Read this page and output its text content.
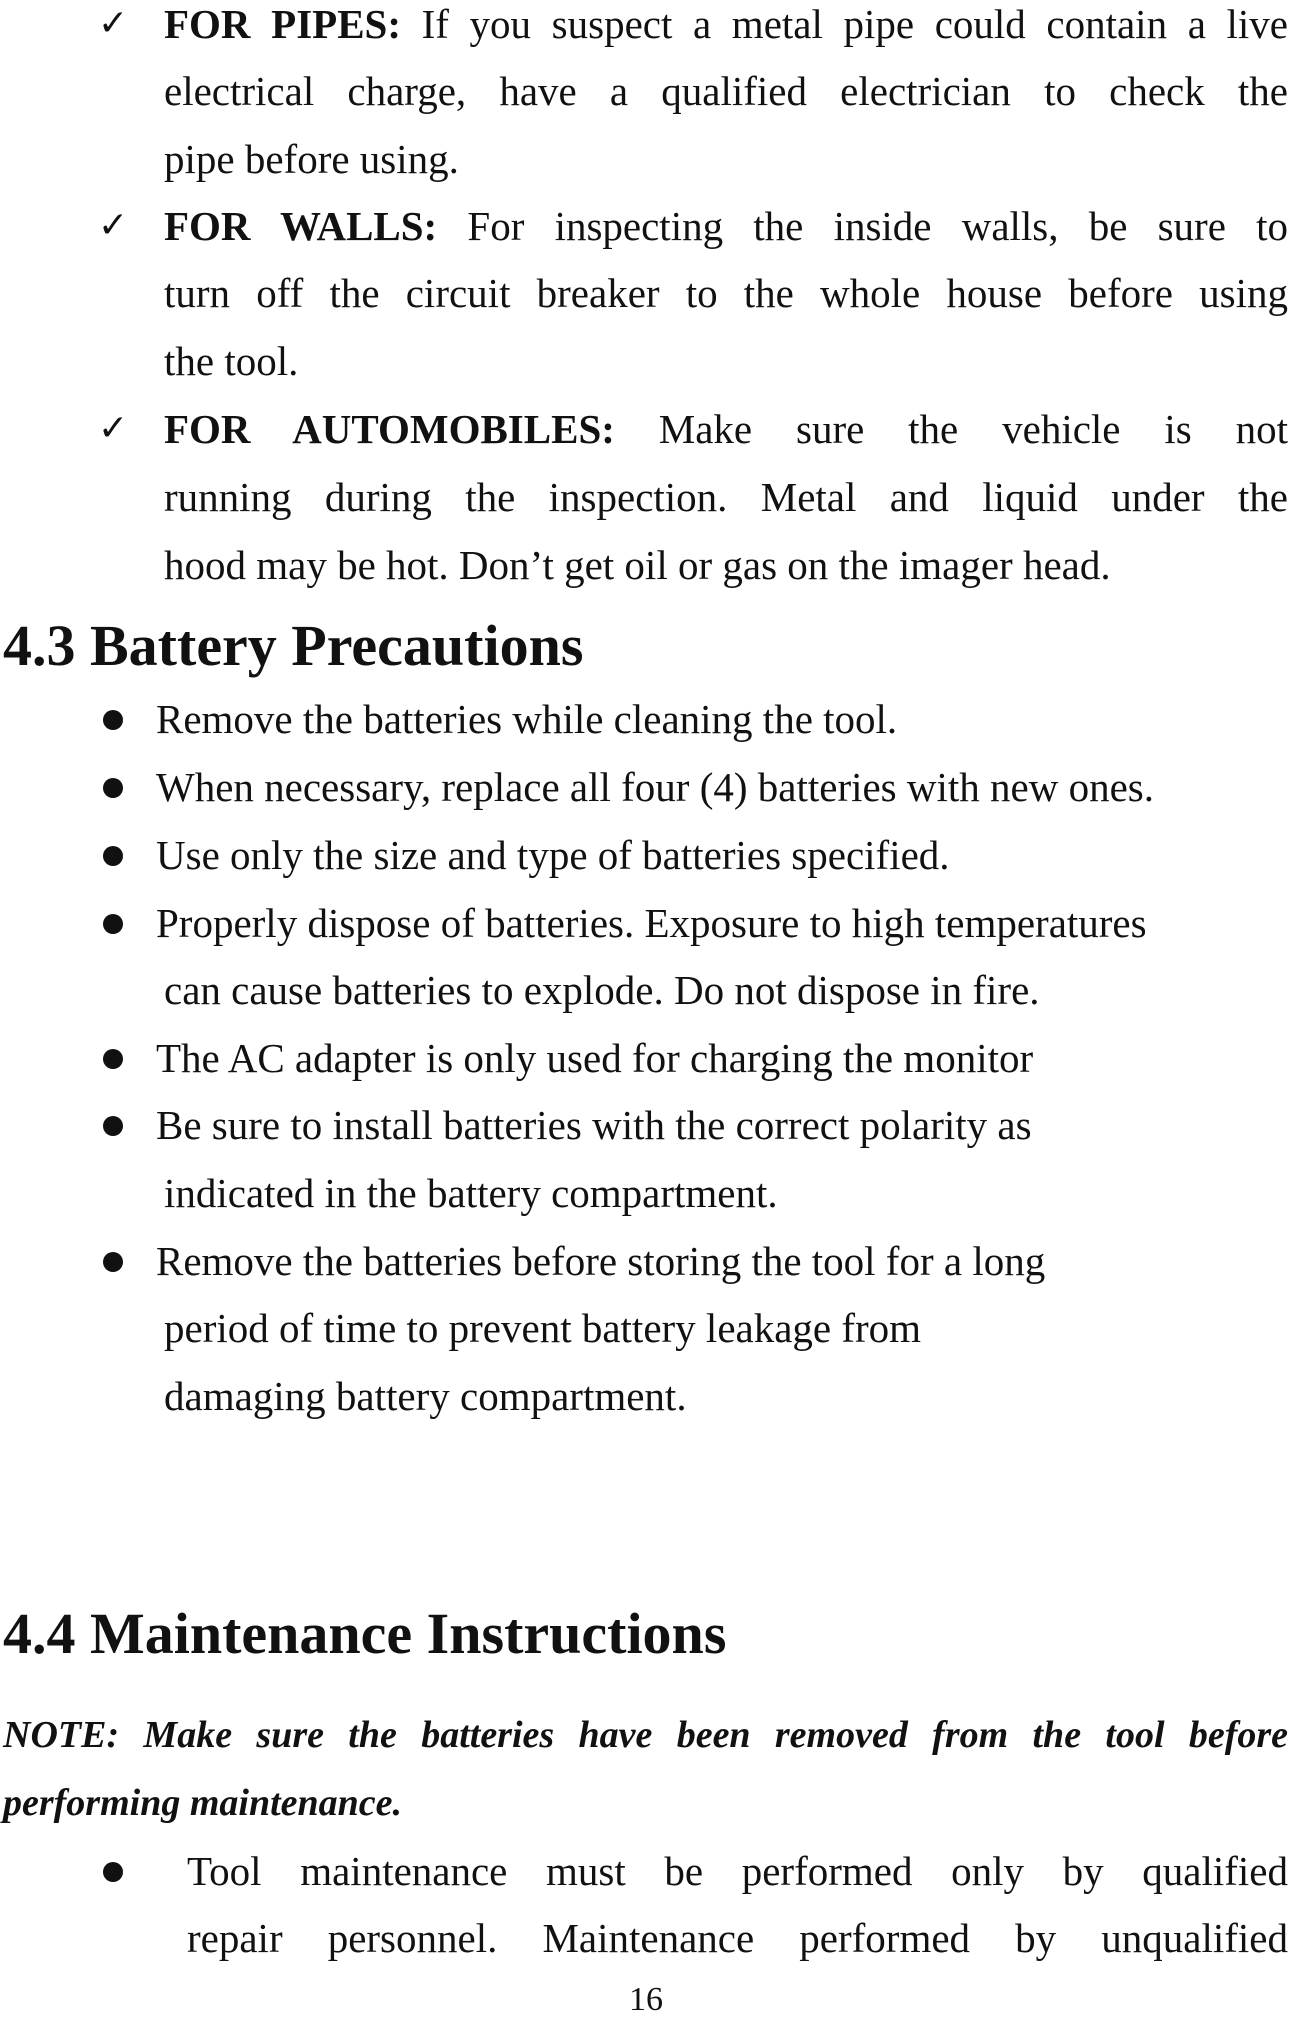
✓ FOR PIPES: If you suspect a metal pipe could contain a live
electrical charge, have a qualified electrician to check the
pipe before using.
✓ FOR WALLS: For inspecting the inside walls, be sure to
turn off the circuit breaker to the whole house before using
the tool.
✓ FOR AUTOMOBILES: Make sure the vehicle is not
running during the inspection. Metal and liquid under the
hood may be hot. Don’t get oil or gas on the imager head.
4.3 Battery Precautions
Remove the batteries while cleaning the tool.
When necessary, replace all four (4) batteries with new ones.
Use only the size and type of batteries specified.
Properly dispose of batteries. Exposure to high temperatures
can cause batteries to explode. Do not dispose in fire.
The AC adapter is only used for charging the monitor
Be sure to install batteries with the correct polarity as
indicated in the battery compartment.
Remove the batteries before storing the tool for a long
period of time to prevent battery leakage from
damaging battery compartment.
4.4 Maintenance Instructions
NOTE: Make sure the batteries have been removed from the tool before
performing maintenance.
Tool maintenance must be performed only by qualified
repair personnel. Maintenance performed by unqualified
16
